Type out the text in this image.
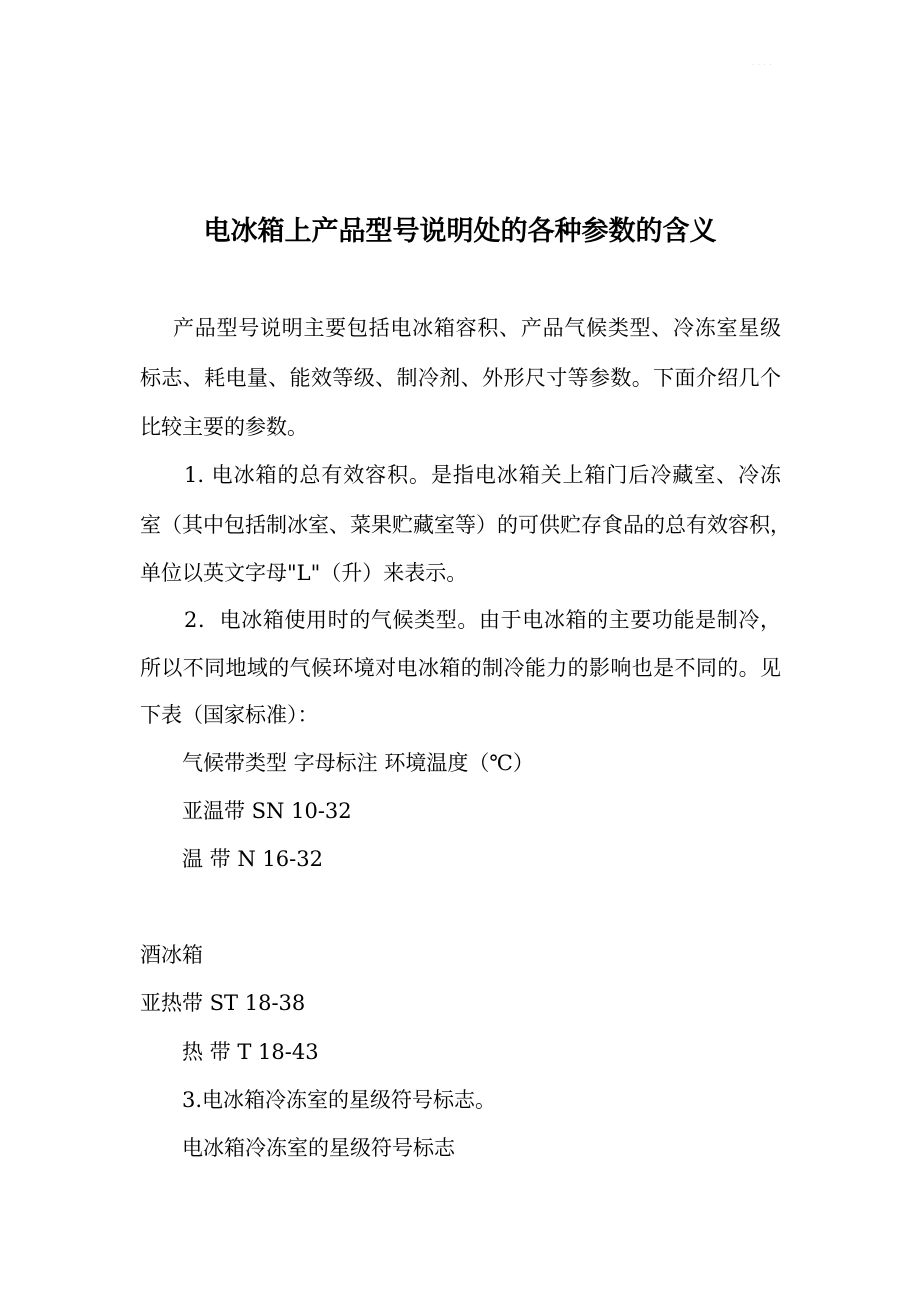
· · · ·
电冰箱上产品型号说明处的各种参数的含义

产品型号说明主要包括电冰箱容积、产品气候类型、冷冻室星级

标志、耗电量、能效等级、制冷剂、外形尺寸等参数。下面介绍几个

比较主要的参数。

1. 电冰箱的总有效容积。是指电冰箱关上箱门后冷藏室、冷冻

室（其中包括制冰室、菜果贮藏室等）的可供贮存食品的总有效容积，

单位以英文字母"L"（升）来表示。

2．电冰箱使用时的气候类型。由于电冰箱的主要功能是制冷，

所以不同地域的气候环境对电冰箱的制冷能力的影响也是不同的。见

下表（国家标准）：

气候带类型 字母标注 环境温度（℃）

亚温带 SN 10-32

温 带 N 16-32

酒冰箱

亚热带 ST 18-38

热 带 T 18-43

3.电冰箱冷冻室的星级符号标志。

电冰箱冷冻室的星级符号标志
